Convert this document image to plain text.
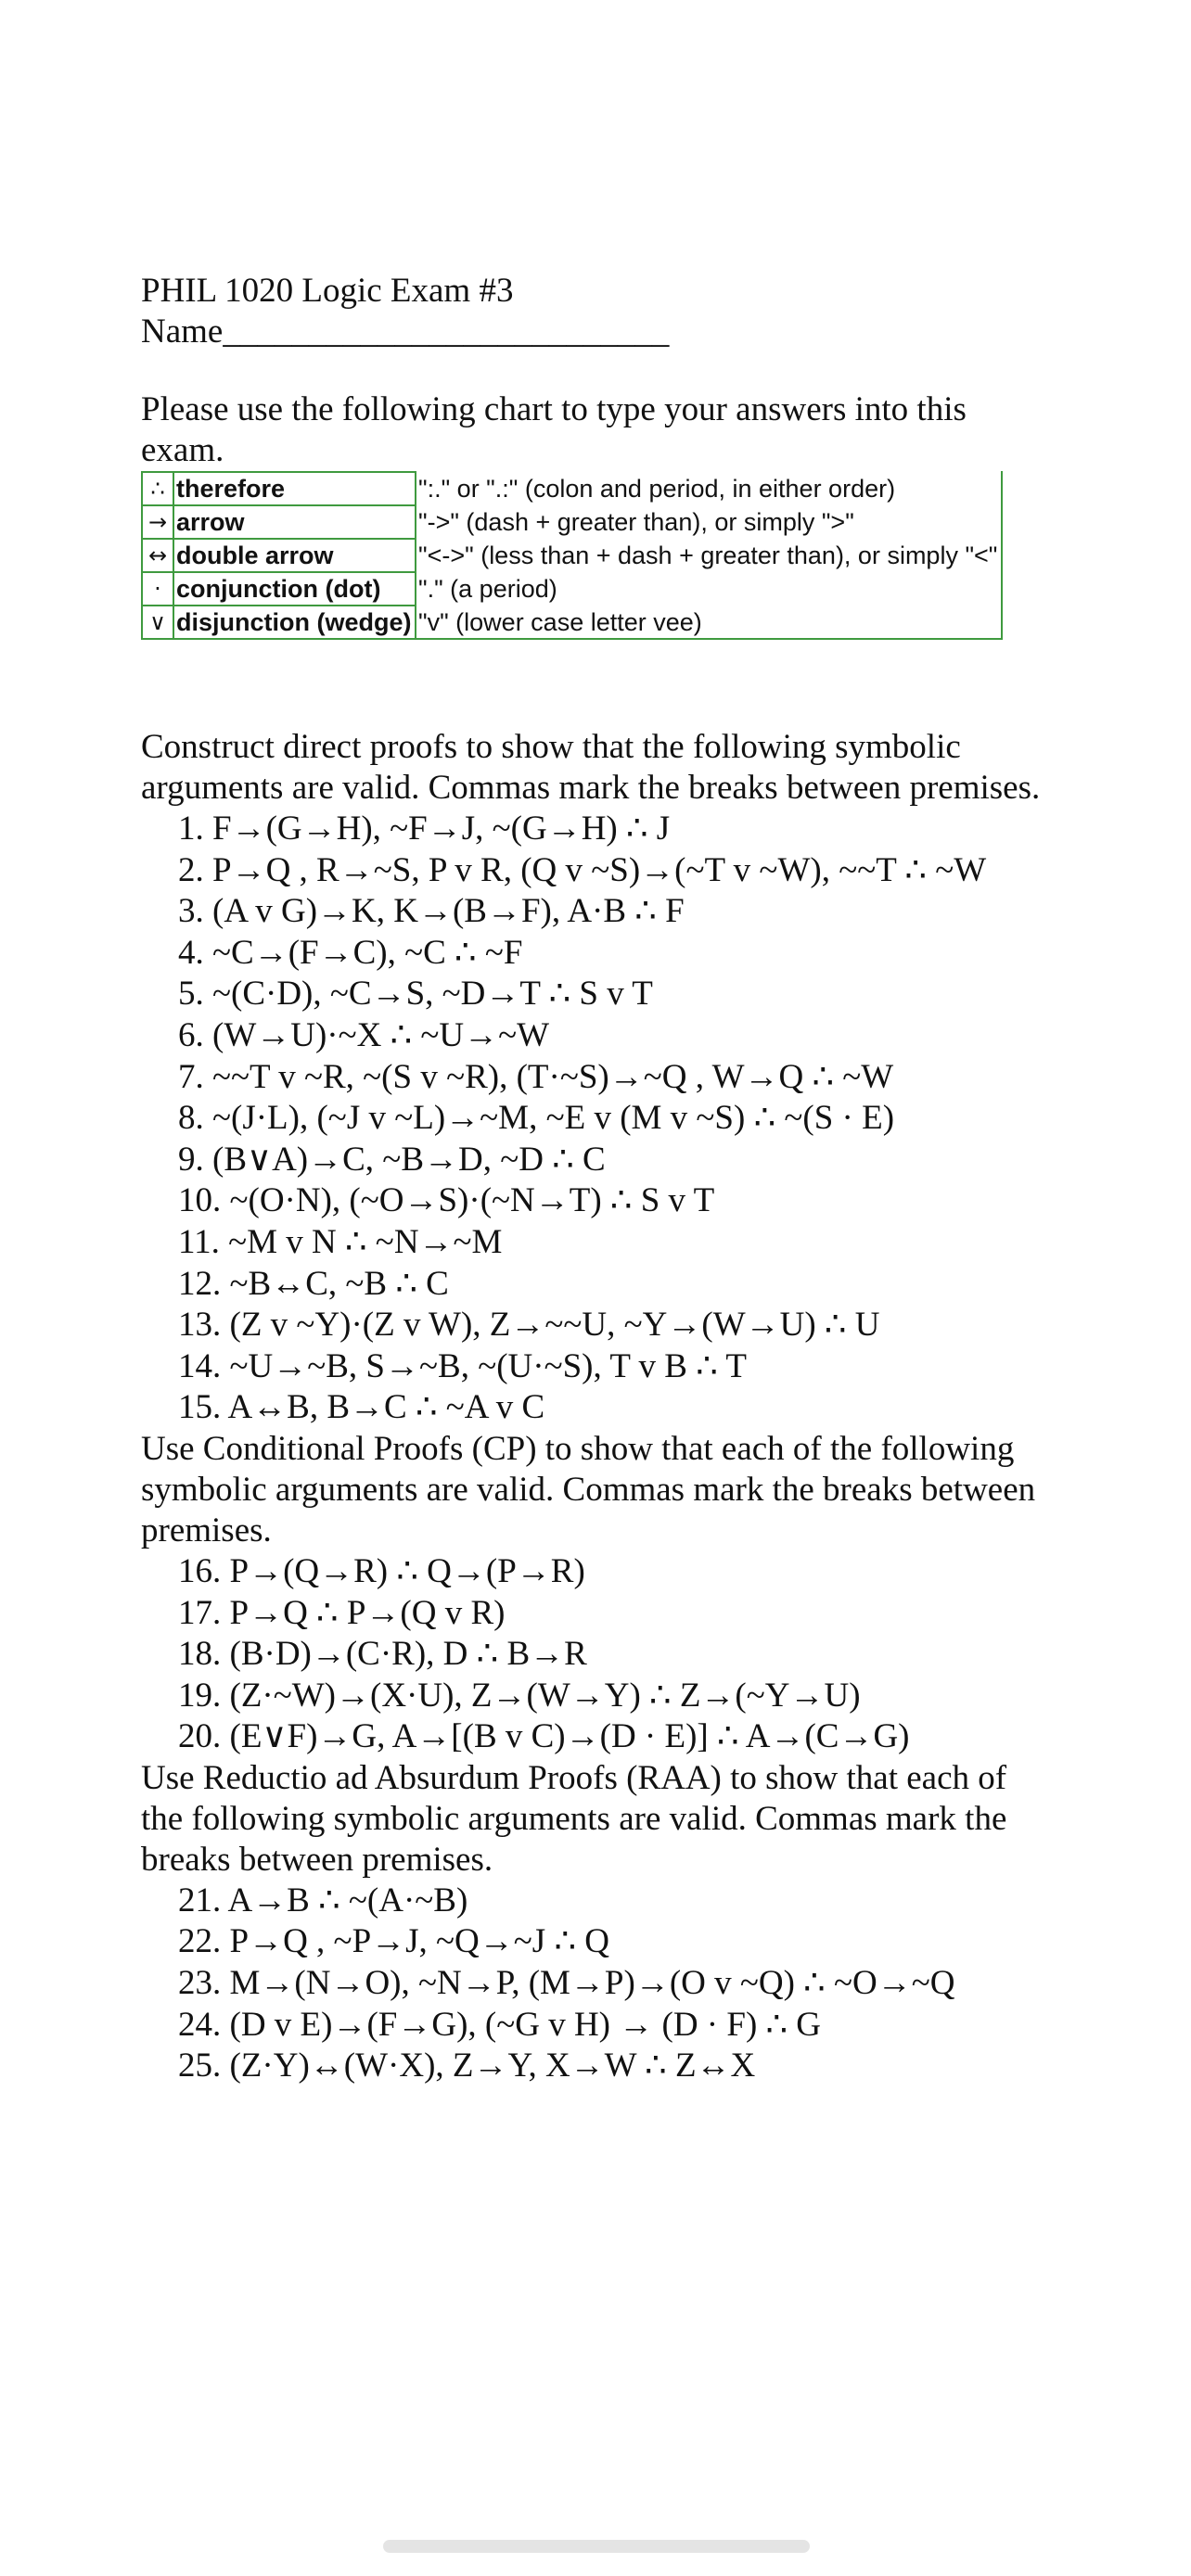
PHIL 1020 Logic Exam #3

Name__________________________

Please use the following chart to type your answers into this exam.

∴	therefore	":." or ".:" (colon and period, in either order)
→	arrow	"->" (dash + greater than), or simply ">"
↔	double arrow	"<->" (less than + dash + greater than), or simply "<"
·	conjunction (dot)	"." (a period)
∨	disjunction (wedge)	"v" (lower case letter vee)

Construct direct proofs to show that the following symbolic arguments are valid. Commas mark the breaks between premises.

1. F→(G→H), ~F→J, ~(G→H) ∴ J
2. P→Q , R→~S, P v R, (Q v ~S)→(~T v ~W), ~~T ∴ ~W
3. (A v G)→K, K→(B→F), A·B ∴ F
4. ~C→(F→C), ~C ∴ ~F
5. ~(C·D), ~C→S, ~D→T ∴ S v T
6. (W→U)·~X ∴ ~U→~W
7. ~~T v ~R, ~(S v ~R), (T·~S)→~Q , W→Q ∴ ~W
8. ~(J·L), (~J v ~L)→~M, ~E v (M v ~S) ∴ ~(S · E)
9. (B∨A)→C, ~B→D, ~D ∴ C
10. ~(O·N), (~O→S)·(~N→T) ∴ S v T
11. ~M v N ∴ ~N→~M
12. ~B↔C, ~B ∴ C
13. (Z v ~Y)·(Z v W), Z→~~U, ~Y→(W→U) ∴ U
14. ~U→~B, S→~B, ~(U·~S), T v B ∴ T
15. A↔B, B→C ∴ ~A v C

Use Conditional Proofs (CP) to show that each of the following symbolic arguments are valid. Commas mark the breaks between premises.

16. P→(Q→R) ∴ Q→(P→R)
17. P→Q ∴ P→(Q v R)
18. (B·D)→(C·R), D ∴ B→R
19. (Z·~W)→(X·U), Z→(W→Y) ∴ Z→(~Y→U)
20. (E∨F)→G, A→[(B v C)→(D · E)] ∴ A→(C→G)

Use Reductio ad Absurdum Proofs (RAA) to show that each of the following symbolic arguments are valid. Commas mark the breaks between premises.

21. A→B ∴ ~(A·~B)
22. P→Q , ~P→J, ~Q→~J ∴ Q
23. M→(N→O), ~N→P, (M→P)→(O v ~Q) ∴ ~O→~Q
24. (D v E)→(F→G), (~G v H) → (D · F) ∴ G
25. (Z·Y)↔(W·X), Z→Y, X→W ∴ Z↔X
